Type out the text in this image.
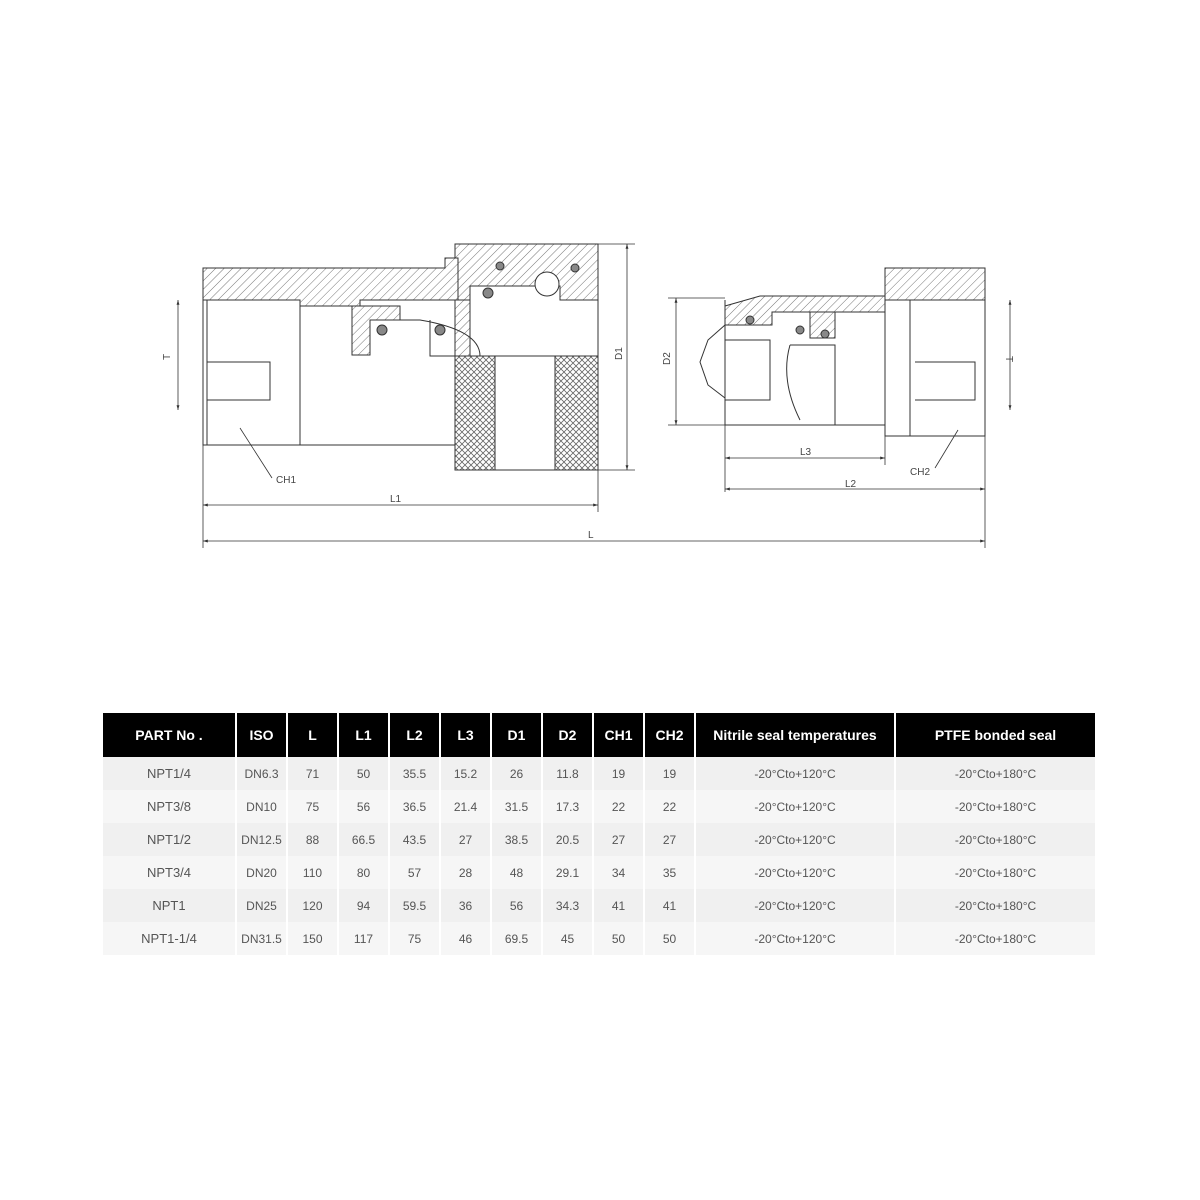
T	D1	D2	T
CH1
CH2
L1
L
L3
L2
PART No .	ISO	L	L1	L2	L3	D1	D2	CH1	CH2	Nitrile seal temperatures	PTFE bonded seal
NPT1/4	DN6.3	71	50	35.5	15.2	26	11.8	19	19	-20°Cto+120°C	-20°Cto+180°C
NPT3/8	DN10	75	56	36.5	21.4	31.5	17.3	22	22	-20°Cto+120°C	-20°Cto+180°C
NPT1/2	DN12.5	88	66.5	43.5	27	38.5	20.5	27	27	-20°Cto+120°C	-20°Cto+180°C
NPT3/4	DN20	110	80	57	28	48	29.1	34	35	-20°Cto+120°C	-20°Cto+180°C
NPT1	DN25	120	94	59.5	36	56	34.3	41	41	-20°Cto+120°C	-20°Cto+180°C
NPT1-1/4	DN31.5	150	117	75	46	69.5	45	50	50	-20°Cto+120°C	-20°Cto+180°C
